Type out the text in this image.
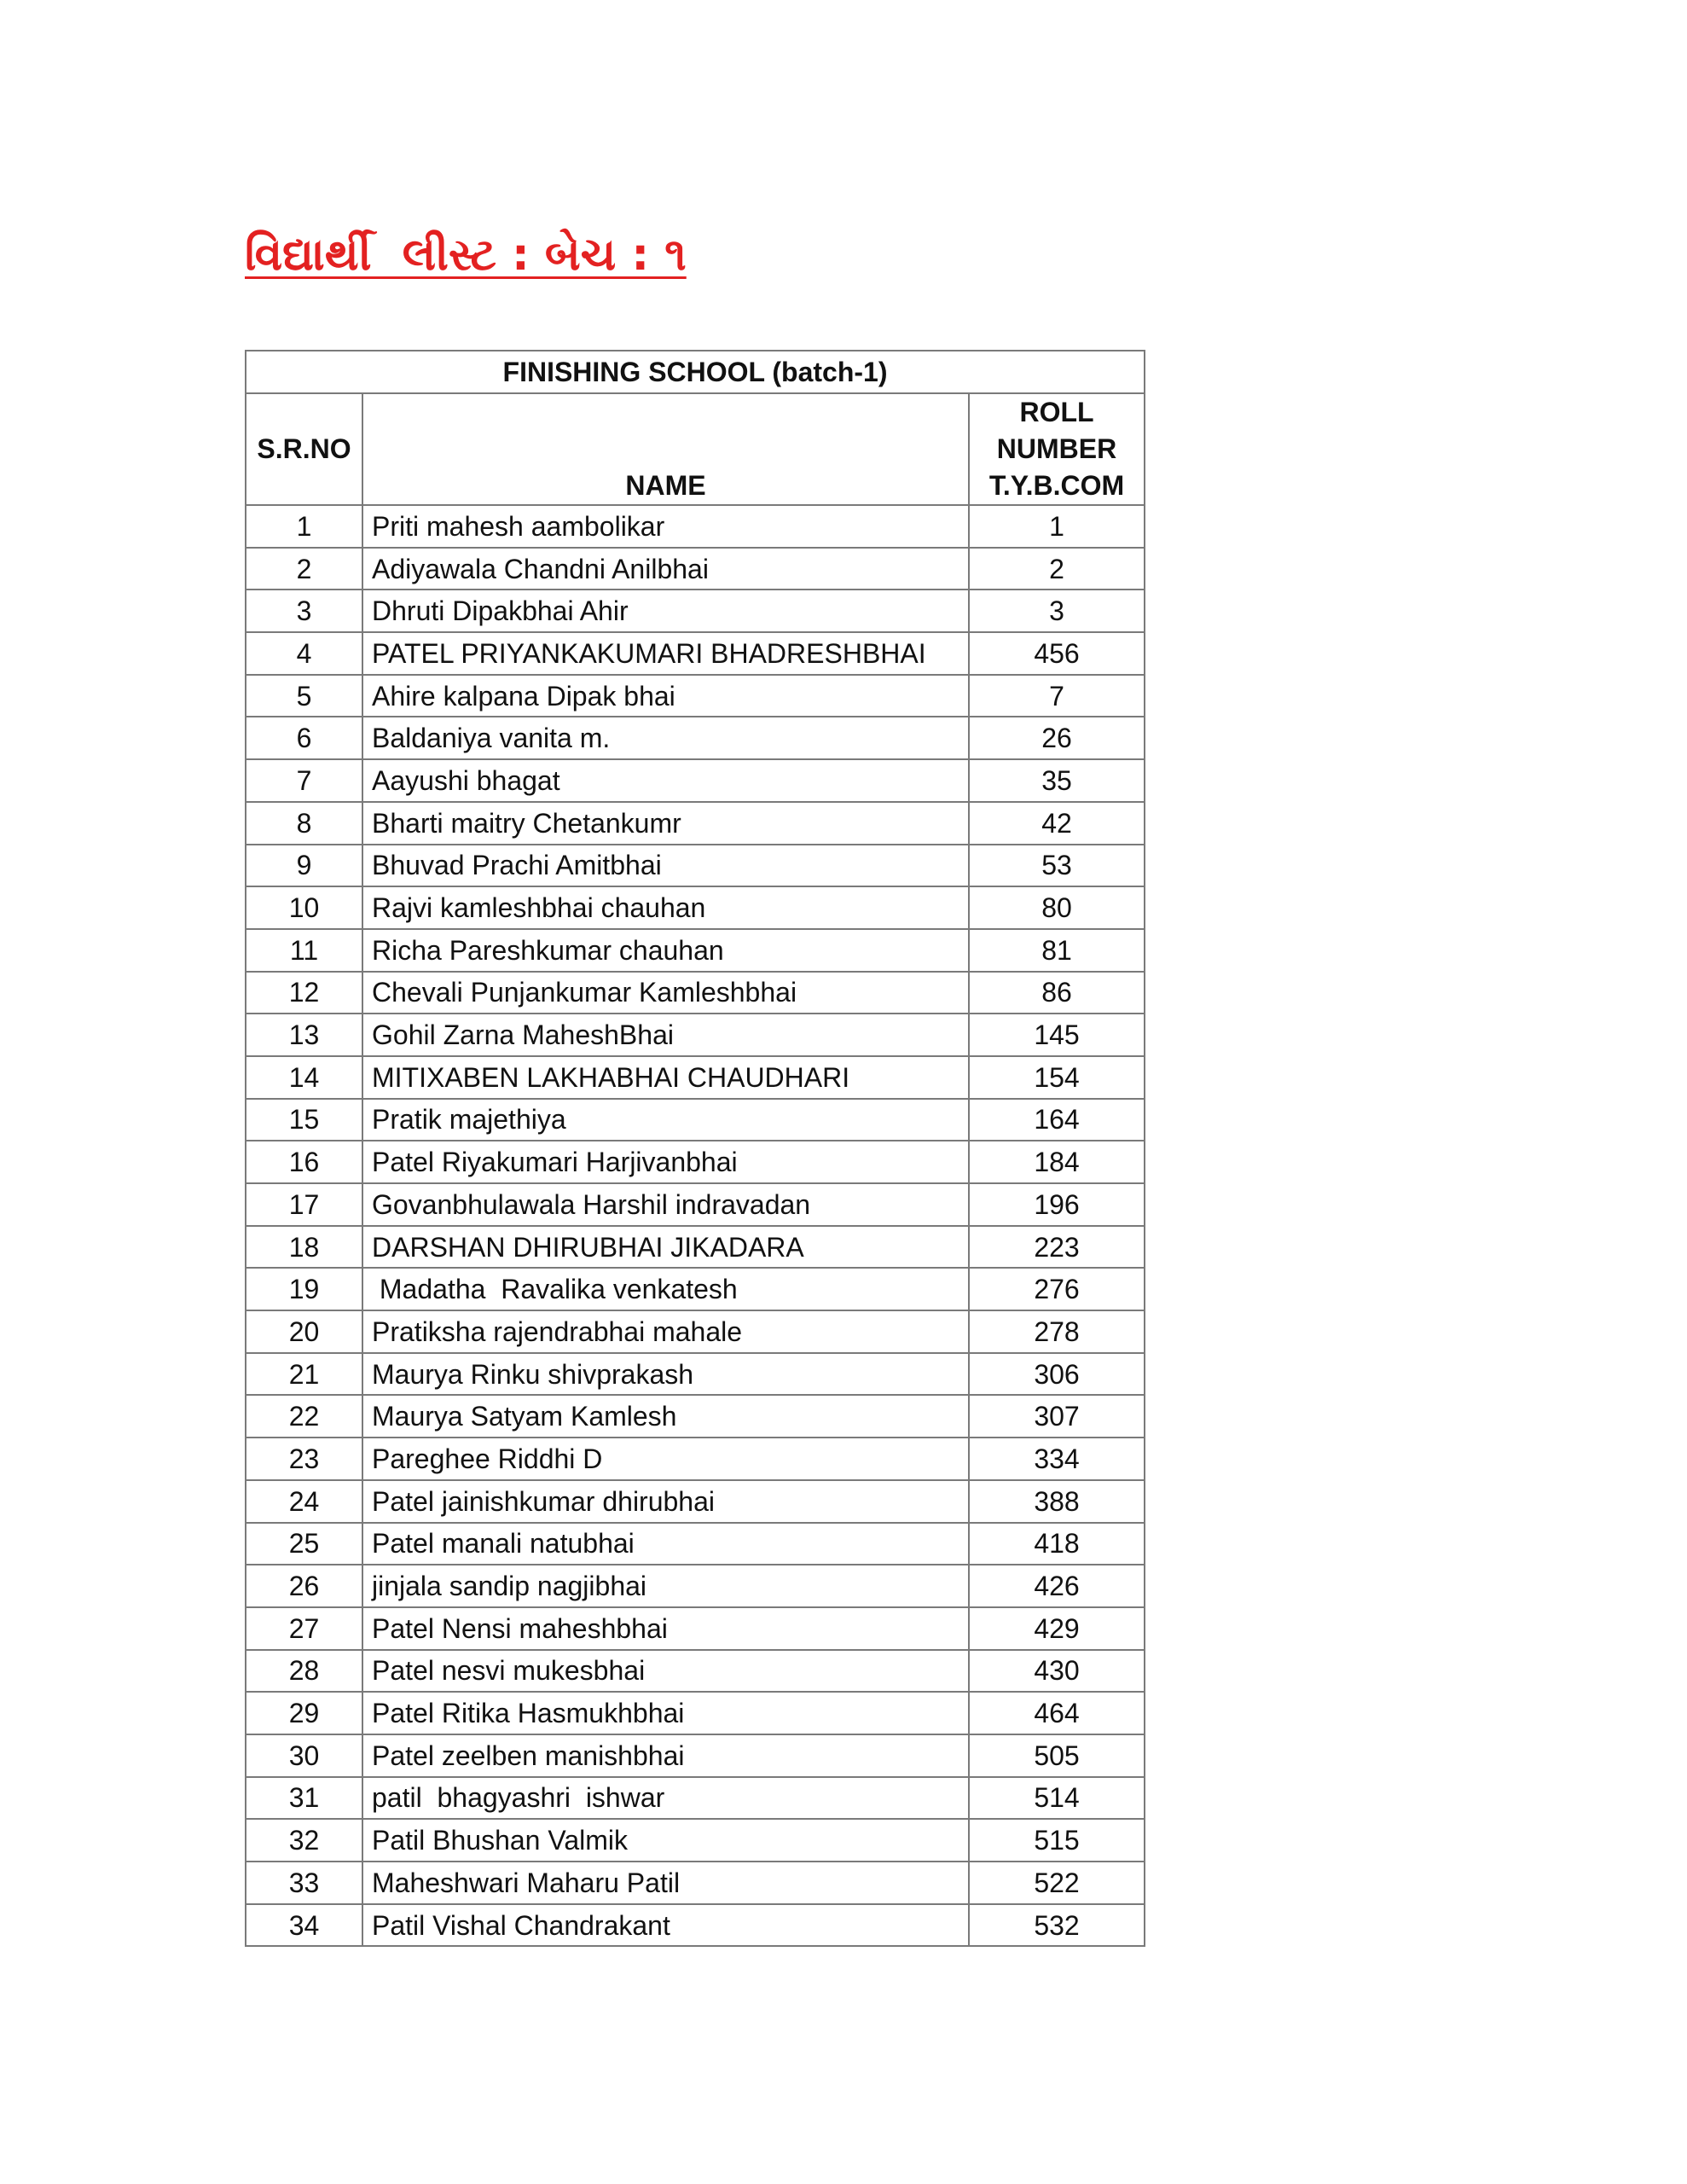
વિદ્યાર્થી  લીસ્ટ : બેચ : ૧
FINISHING SCHOOL (batch-1)		
S.R.NO	NAME	ROLL
NUMBER
T.Y.B.COM

1	Priti mahesh aambolikar	1
2	Adiyawala Chandni Anilbhai	2
3	Dhruti Dipakbhai Ahir	3
4	PATEL PRIYANKAKUMARI BHADRESHBHAI	456
5	Ahire kalpana Dipak bhai	7
6	Baldaniya vanita m.	26
7	Aayushi bhagat	35
8	Bharti maitry Chetankumr	42
9	Bhuvad Prachi Amitbhai	53
10	Rajvi kamleshbhai chauhan	80
11	Richa Pareshkumar chauhan	81
12	Chevali Punjankumar Kamleshbhai	86
13	Gohil Zarna MaheshBhai	145
14	MITIXABEN LAKHABHAI CHAUDHARI	154
15	Pratik majethiya	164
16	Patel Riyakumari Harjivanbhai	184
17	Govanbhulawala Harshil indravadan	196
18	DARSHAN DHIRUBHAI JIKADARA	223
19	Madatha  Ravalika venkatesh	276
20	Pratiksha rajendrabhai mahale	278
21	Maurya Rinku shivprakash	306
22	Maurya Satyam Kamlesh	307
23	Pareghee Riddhi D	334
24	Patel jainishkumar dhirubhai	388
25	Patel manali natubhai	418
26	jinjala sandip nagjibhai	426
27	Patel Nensi maheshbhai	429
28	Patel nesvi mukesbhai	430
29	Patel Ritika Hasmukhbhai	464
30	Patel zeelben manishbhai	505
31	patil  bhagyashri  ishwar	514
32	Patil Bhushan Valmik	515
33	Maheshwari Maharu Patil	522
34	Patil Vishal Chandrakant	532
